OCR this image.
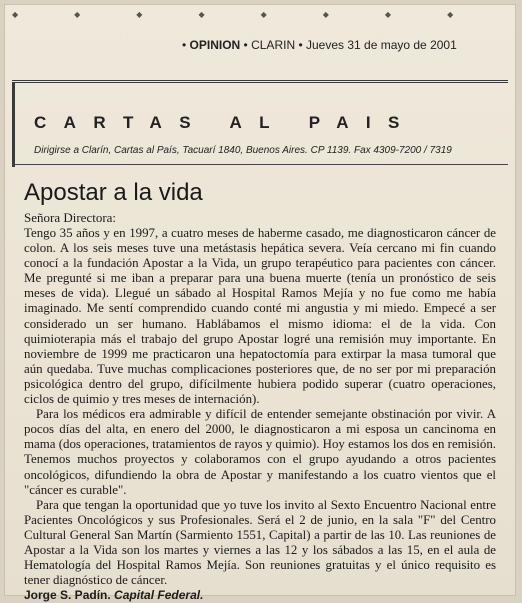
◆◆◆◆◆◆◆◆
• OPINION • CLARIN • Jueves 31 de mayo de 2001
CARTAS AL PAIS
Dirigirse a Clarín, Cartas al País, Tacuarí 1840, Buenos Aires. CP 1139. Fax 4309-7200 / 7319
Apostar a la vida

Señora Directora:

Tengo 35 años y en 1997, a cuatro meses de haberme casado, me diagnosticaron cáncer de colon. A los seis meses tuve una metástasis hepática severa. Veía cercano mi fin cuando conocí a la fundación Apostar a la Vida, un grupo terapéutico para pacientes con cáncer. Me pregunté si me iban a preparar para una buena muerte (tenía un pronóstico de seis meses de vida). Llegué un sábado al Hospital Ramos Mejía y no fue como me había imaginado. Me sentí comprendido cuando conté mi angustia y mi miedo. Empecé a ser considerado un ser humano. Hablábamos el mismo idioma: el de la vida. Con quimioterapia más el trabajo del grupo Apostar logré una remisión muy importante. En noviembre de 1999 me practicaron una hepatoctomía para extirpar la masa tumoral que aún quedaba. Tuve muchas complicaciones posteriores que, de no ser por mi preparación psicológica dentro del grupo, difícilmente hubiera podido superar (cuatro operaciones, ciclos de quimio y tres meses de internación).

Para los médicos era admirable y difícil de entender semejante obstinación por vivir. A pocos días del alta, en enero del 2000, le diagnosticaron a mi esposa un cancinoma en mama (dos operaciones, tratamientos de rayos y quimio). Hoy estamos los dos en remisión. Tenemos muchos proyectos y colaboramos con el grupo ayudando a otros pacientes oncológicos, difundiendo la obra de Apostar y manifestando a los cuatro vientos que el "cáncer es curable".

Para que tengan la oportunidad que yo tuve los invito al Sexto Encuentro Nacional entre Pacientes Oncológicos y sus Profesionales. Será el 2 de junio, en la sala "F" del Centro Cultural General San Martín (Sarmiento 1551, Capital) a partir de las 10. Las reuniones de Apostar a la Vida son los martes y viernes a las 12 y los sábados a las 15, en el aula de Hematología del Hospital Ramos Mejía. Son reuniones gratuitas y el único requisito es tener diagnóstico de cáncer.

Jorge S. Padín. Capital Federal.
